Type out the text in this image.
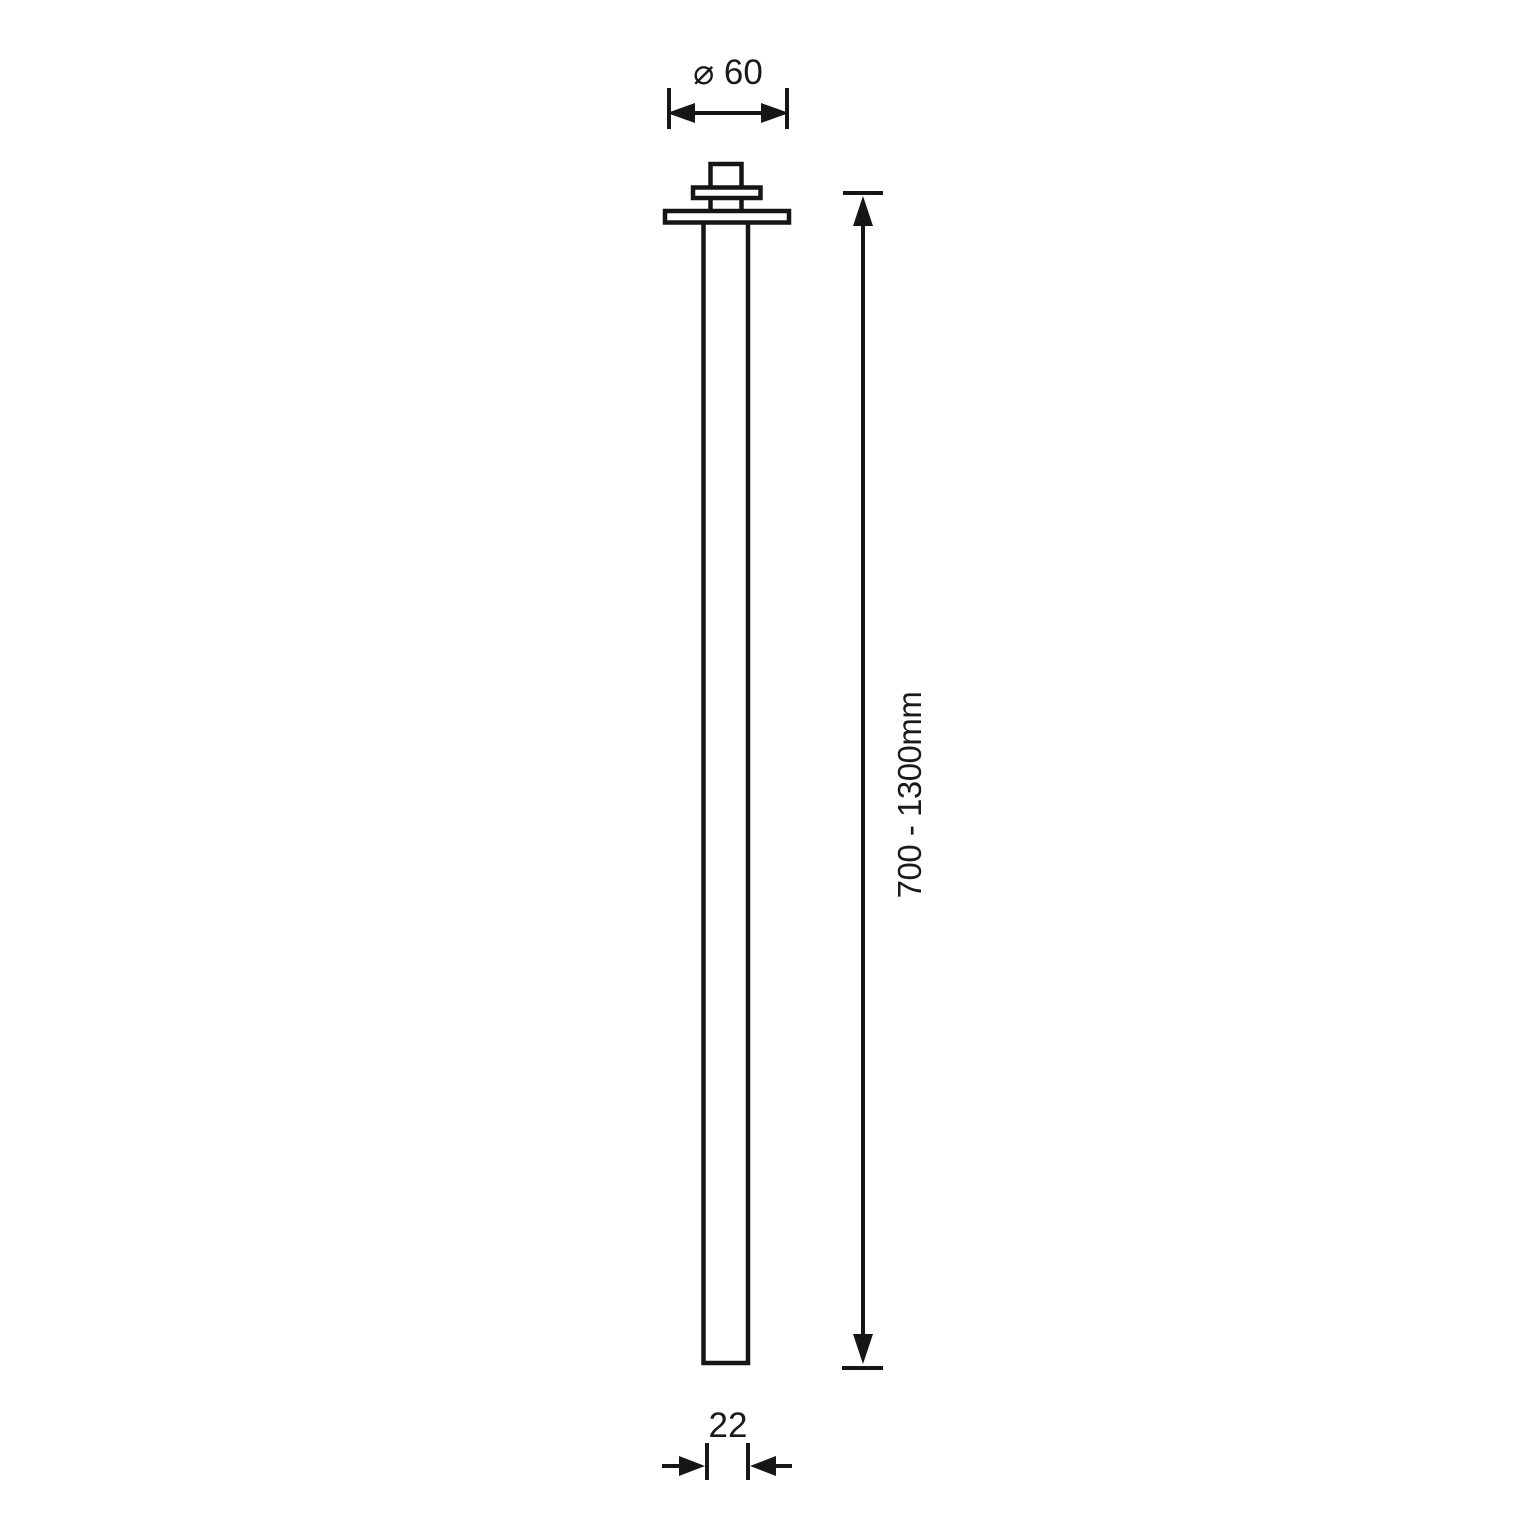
⌀ 60
700 - 1300mm
22
